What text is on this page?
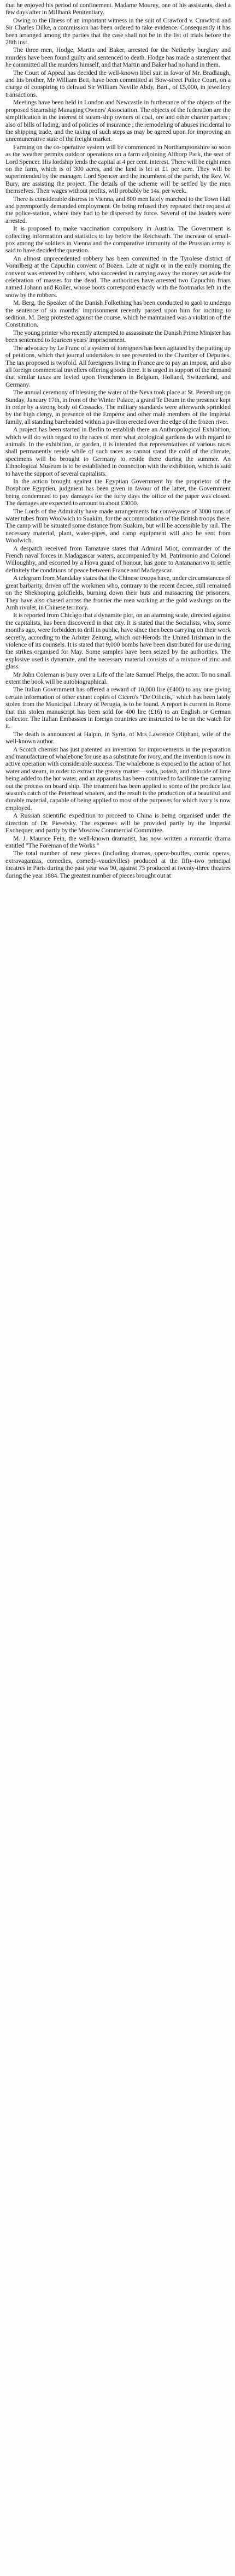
that he enjoyed his period of confinement. Madame Mourey, one of his assistants, died a few days after in Millbank Penitentiary.

Owing to the illness of an important witness in the suit of Crawford v. Crawford and Sir Charles Dilke, a commission has been ordered to take evidence. Consequently it has been arranged among the parties that the case shall not be in the list of trials before the 28th inst.

The three men, Hodge, Martin and Baker, arrested for the Netherby burglary and murders have been found guilty and sentenced to death. Hodge has made a statement that he committed all the murders himself, and that Martin and Baker had no hand in them.

The Court of Appeal has decided the well-known libel suit in favor of Mr. Bradlaugh, and his brother, Mr William Bett, have been committed at Bow-street Police Court, on a charge of conspiring to defraud Sir William Neville Abdy, Bart., of £5,000, in jewellery transactions.

Meetings have been held in London and Newcastle in furtherance of the objects of the proposed Steamship Managing Owners' Association. The objects of the federation are the simplification in the interest of steam-ship owners of coal, ore and other charter parties ; also of bills of lading, and of policies of insurance ; the remodeling of abuses incidental to the shipping trade, and the taking of such steps as may be agreed upon for improving an unremunerative state of the freight market.

Farming on the co-operative system will be commenced in Northamptonshire so soon as the weather permits outdoor operations on a farm adjoining Althorp Park, the seat of Lord Spencer. His lordship lends the capital at 4 per cent. interest. There will be eight men on the farm, which is of 300 acres, and the land is let at £1 per acre. They will be superintended by the manager. Lord Spencer and the incumbent of the parish, the Rev. W. Bury, are assisting the project. The details of the scheme will be settled by the men themselves. Their wages without profits, will probably be 14s. per week.

There is considerable distress in Vienna, and 800 men lately marched to the Town Hall and peremptorily demanded employment. On being refused they repeated their request at the police-station, where they had to be dispersed by force. Several of the leaders were arrested.

It is proposed to make vaccination compulsory in Austria. The Government is collecting information and statistics to lay before the Reichsrath. The increase of small-pox among the soldiers in Vienna and the comparative immunity of the Prussian army is said to have decided the question.

An almost unprecedented robbery has been committed in the Tyrolese district of Vorarlberg at the Capuchin convent of Bozen. Late at night or in the early morning the convent was entered by robbers, who succeeded in carrying away the money set aside for celebration of masses for the dead. The authorities have arrested two Capuchin friars named Johann and Koller, whose boots correspond exactly with the footmarks left in the snow by the robbers.

M. Berg, the Speaker of the Danish Folkething has been conducted to gaol to undergo the sentence of six months' imprisonment recently passed upon him for inciting to sedition. M. Berg protested against the course, which he maintained was a violation of the Constitution.

The young printer who recently attempted to assassinate the Danish Prime Minister has been sentenced to fourteen years' imprisonment.

The advocacy by Le Franc of a system of foreigners has been agitated by the putting up of petitions, which that journal undertakes to see presented to the Chamber of Deputies. The tax proposed is twofold. All foreigners living in France are to pay an impost, and also all foreign commercial travellers offering goods there. It is urged in support of the demand that similar taxes are levied upon Frenchmen in Belgium, Holland, Switzerland, and Germany.

The annual ceremony of blessing the water of the Neva took place at St. Petersburg on Sunday, January 17th, in front of the Winter Palace, a grand Te Deum in the presence kept in order by a strong body of Cossacks. The military standards were afterwards sprinkled by the high clergy, in presence of the Emperor and other male members of the Imperial family, all standing bareheaded within a pavilion erected over the edge of the frozen river.

A project has been started in Berlin to establish there an Anthropological Exhibition, which will do with regard to the races of men what zoological gardens do with regard to animals. In the exhibition, or garden, it is intended that representatives of various races shall permanently reside while of such races as cannot stand the cold of the climate, specimens will be brought to Germany to reside there during the summer. An Ethnological Museum is to be established in connection with the exhibition, which is said to have the support of several capitalists.

In the action brought against the Egyptian Government by the proprietor of the Bosphore Egyptien, judgment has been given in favour of the latter, the Government being condemned to pay damages for the forty days the office of the paper was closed. The damages are expected to amount to about £3000.

The Lords of the Admiralty have made arrangements for conveyance of 3000 tons of water tubes from Woolwich to Suakim, for the accommodation of the British troops there. The camp will be situated some distance from Suakim, but will be accessible by rail. The necessary material, plant, water-pipes, and camp equipment will also be sent from Woolwich.

A despatch received from Tamatave states that Admiral Miot, commander of the French naval forces in Madagascar waters, accompanied by M. Patrimonio and Colonel Willoughby, and escorted by a Hova guard of honour, has gone to Antananarivo to settle definitely the conditions of peace between France and Madagascar.

A telegram from Mandalay states that the Chinese troops have, under circumstances of great barbarity, driven off the workmen who, contrary to the recent decree, still remained on the Shekhoping goldfields, burning down their huts and massacring the prisoners. They have also chased across the frontier the men working at the gold washings on the Amh rivulet, in Chinese territory.

It is reported from Chicago that a dynamite plot, on an alarming scale, directed against the capitalists, has been discovered in that city. It is stated that the Socialists, who, some months ago, were forbidden to drill in public, have since then been carrying on their work secretly, according to the Arbiter Zeitung, which out-Herods the United Irishman in the violence of its counsels. It is stated that 9,000 bombs have been distributed for use during the strikes organised for May. Some samples have been seized by the authorities. The explosive used is dynamite, and the necessary material consists of a mixture of zinc and glass.

Mr John Coleman is busy over a Life of the late Samuel Phelps, the actor. To no small extent the book will be autobiographical.

The Italian Government has offered a reward of 10,000 lire (£400) to any one giving certain information of other extant copies of Cicero's "De Officiis," which has been lately stolen from the Municipal Library of Perugia, is to be found. A report is current in Rome that this stolen manuscript has been sold for 400 lire (£16) to an English or German collector. The Italian Embassies in foreign countries are instructed to be on the watch for it.

The death is announced at Halpin, in Syria, of Mrs Lawrence Oliphant, wife of the well-known author.

A Scotch chemist has just patented an invention for improvements in the preparation and manufacture of whalebone for use as a substitute for ivory, and the invention is now in active operation with considerable success. The whalebone is exposed to the action of hot water and steam, in order to extract the greasy matter—soda, potash, and chloride of lime being added to the hot water, and an apparatus has been contrived to facilitate the carrying out the process on board ship. The treatment has been applied to some of the produce last season's catch of the Peterhead whalers, and the result is the production of a beautiful and durable material, capable of being applied to most of the purposes for which ivory is now employed.

A Russian scientific expedition to proceed to China is being organised under the direction of Dr. Piesetsky. The expenses will be provided partly by the Imperial Exchequer, and partly by the Moscow Commercial Committee.

M. J. Maurice Fein, the well-known dramatist, has now written a romantic drama entitled "The Foreman of the Works."

The total number of new pieces (including dramas, opera-bouffes, comic operas, extravaganzas, comedies, comedy-vaudevilles) produced at the fifty-two principal theatres in Paris during the past year was 90, against 73 produced at twenty-three theatres during the year 1884. The greatest number of pieces brought out at
